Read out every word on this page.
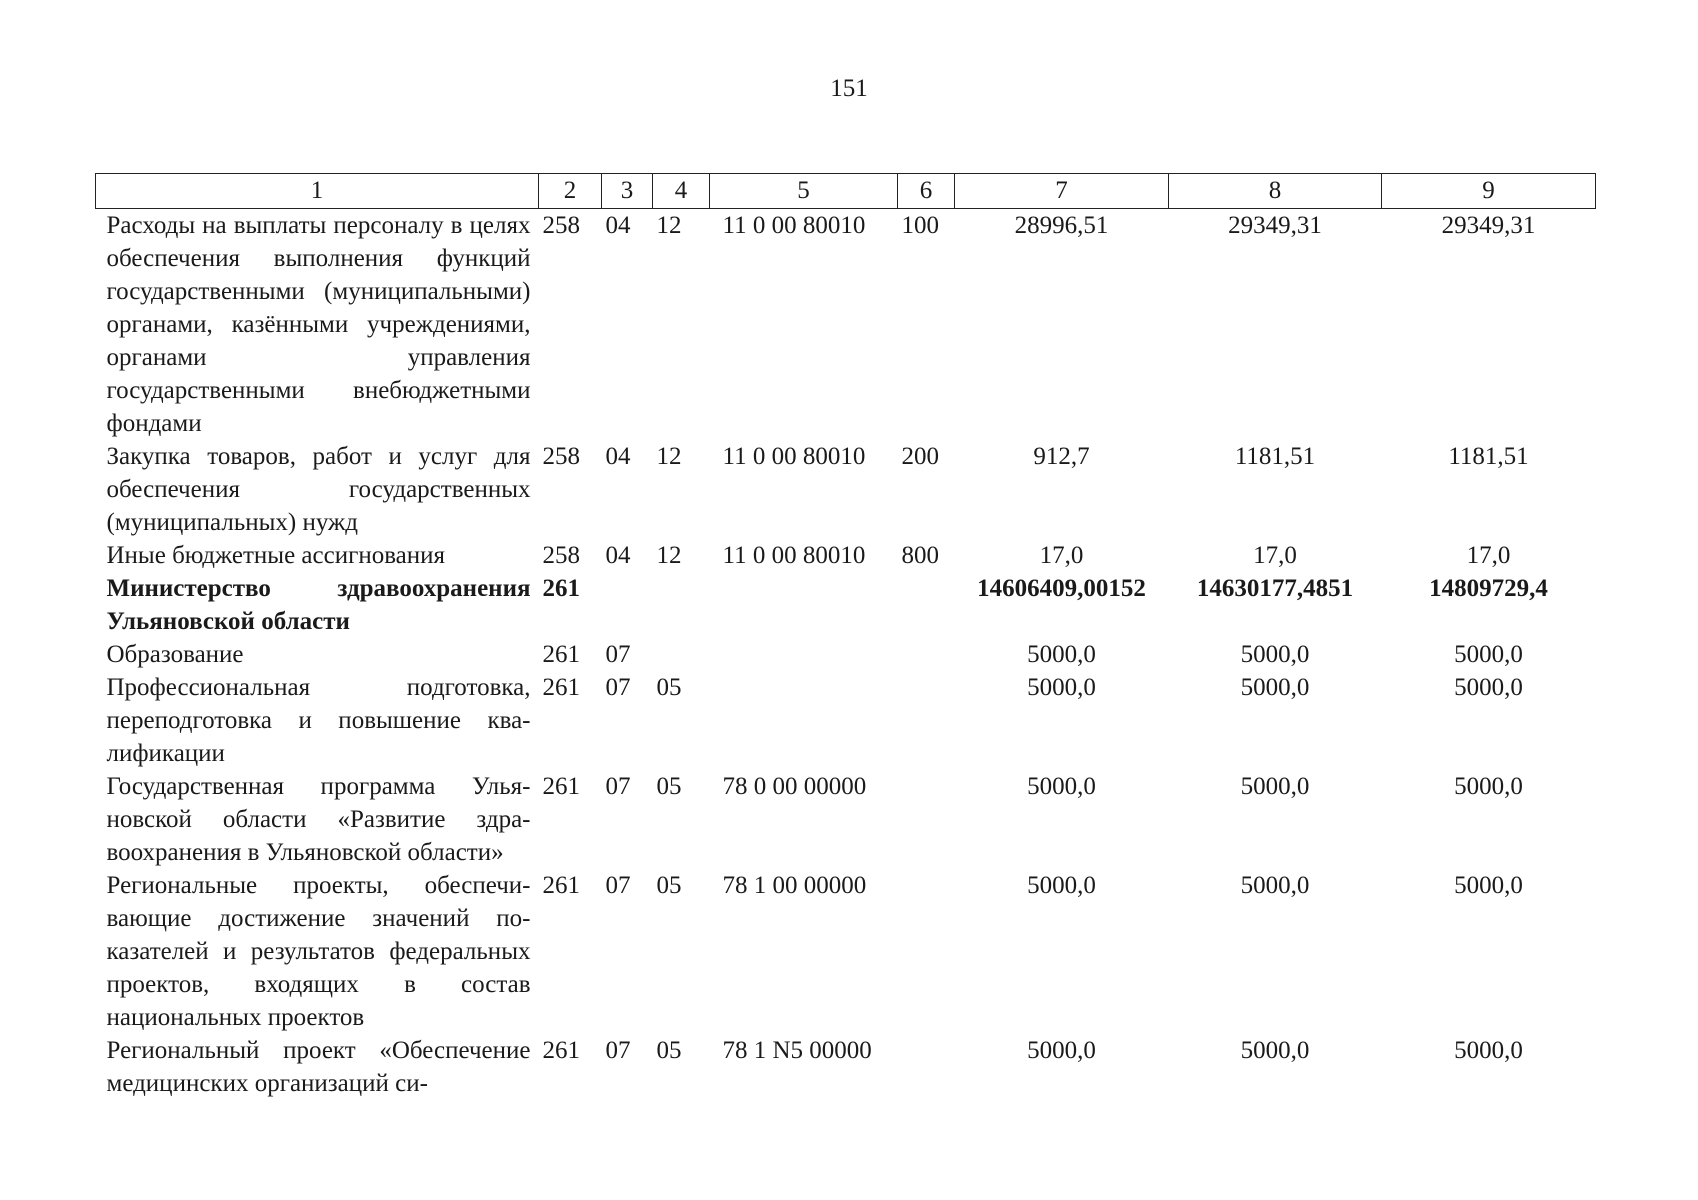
151
1	2	3	4	5	6	7	8	9
Расходы на выплаты персоналу в целях обеспечения выполнения функций государственными (муниципальными) органами, казёнными учреждениями, органами управления государственными внебюджетными фондами	258	04	12	11 0 00 80010	100	28996,51	29349,31	29349,31
Закупка товаров, работ и услуг для обеспечения государственных (муниципальных) нужд	258	04	12	11 0 00 80010	200	912,7	1181,51	1181,51
Иные бюджетные ассигнования	258	04	12	11 0 00 80010	800	17,0	17,0	17,0
Министерство здравоохранения Ульяновской области	261					14606409,00152	14630177,4851	14809729,4
Образование	261	07				5000,0	5000,0	5000,0
Профессиональная подготовка, переподготовка и повышение квалификации	261	07	05			5000,0	5000,0	5000,0
Государственная программа Ульяновской области «Развитие здравоохранения в Ульяновской области»	261	07	05	78 0 00 00000		5000,0	5000,0	5000,0
Региональные проекты, обеспечивающие достижение значений показателей и результатов федеральных проектов, входящих в состав национальных проектов	261	07	05	78 1 00 00000		5000,0	5000,0	5000,0
Региональный проект «Обеспечение медицинских организаций си-	261	07	05	78 1 N5 00000		5000,0	5000,0	5000,0
